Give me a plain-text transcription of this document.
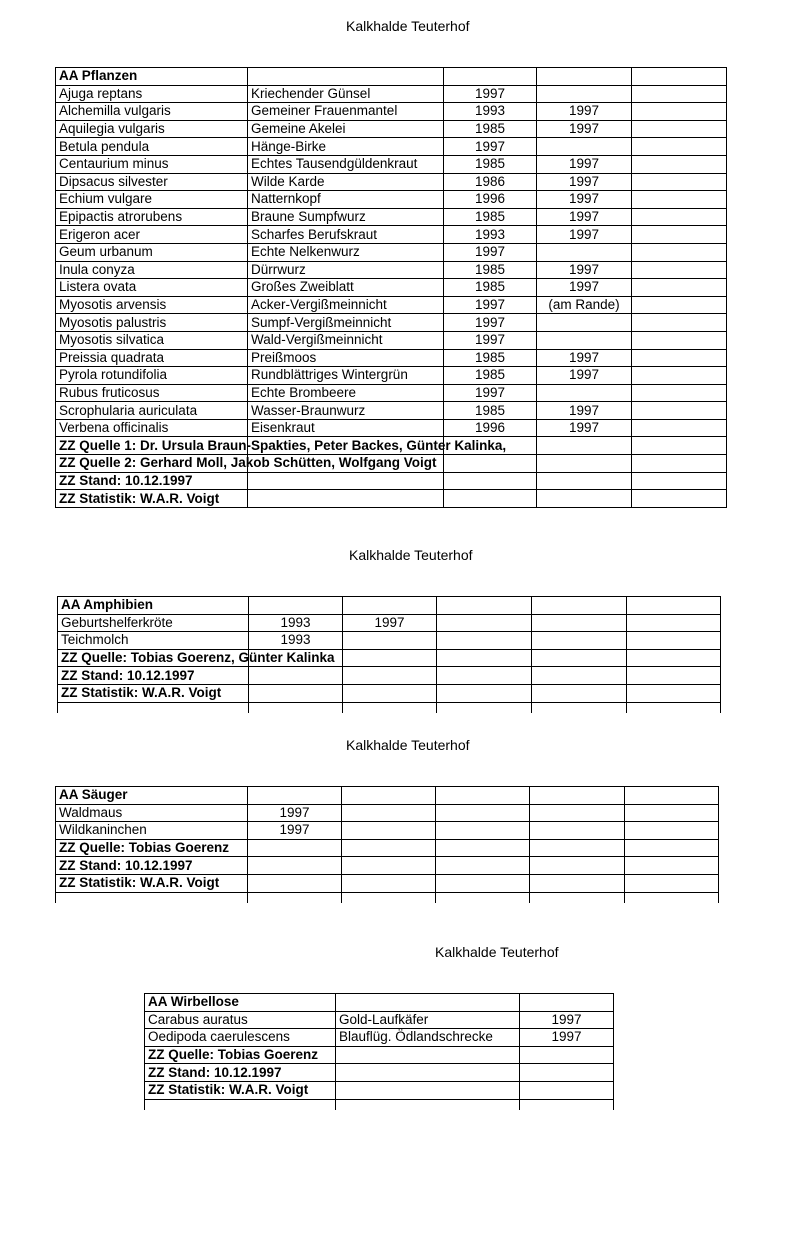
Kalkhalde Teuterhof
AA Pflanzen				
Ajuga reptans	Kriechender Günsel	1997		
Alchemilla vulgaris	Gemeiner Frauenmantel	1993	1997	
Aquilegia vulgaris	Gemeine Akelei	1985	1997	
Betula pendula	Hänge-Birke	1997		
Centaurium minus	Echtes Tausendgüldenkraut	1985	1997	
Dipsacus silvester	Wilde Karde	1986	1997	
Echium vulgare	Natternkopf	1996	1997	
Epipactis atrorubens	Braune Sumpfwurz	1985	1997	
Erigeron acer	Scharfes Berufskraut	1993	1997	
Geum urbanum	Echte Nelkenwurz	1997		
Inula conyza	Dürrwurz	1985	1997	
Listera ovata	Großes Zweiblatt	1985	1997	
Myosotis arvensis	Acker-Vergißmeinnicht	1997	(am Rande)	
Myosotis palustris	Sumpf-Vergißmeinnicht	1997		
Myosotis silvatica	Wald-Vergißmeinnicht	1997		
Preissia quadrata	Preißmoos	1985	1997	
Pyrola rotundifolia	Rundblättriges Wintergrün	1985	1997	
Rubus fruticosus	Echte Brombeere	1997		
Scrophularia auriculata	Wasser-Braunwurz	1985	1997	
Verbena officinalis	Eisenkraut	1996	1997	
ZZ Quelle 1: Dr. Ursula Braun-Spakties, Peter Backes, Günter Kalinka,				
ZZ Quelle 2: Gerhard Moll, Jakob Schütten, Wolfgang Voigt				
ZZ Stand: 10.12.1997				
ZZ Statistik: W.A.R. Voigt				
Kalkhalde Teuterhof
AA Amphibien					
Geburtshelferkröte	1993	1997			
Teichmolch	1993				
ZZ Quelle: Tobias Goerenz, Günter Kalinka					
ZZ Stand: 10.12.1997					
ZZ Statistik: W.A.R. Voigt					

Kalkhalde Teuterhof
AA Säuger					
Waldmaus	1997				
Wildkaninchen	1997				
ZZ Quelle: Tobias Goerenz					
ZZ Stand: 10.12.1997					
ZZ Statistik: W.A.R. Voigt					

Kalkhalde Teuterhof
AA Wirbellose		
Carabus auratus	Gold-Laufkäfer	1997
Oedipoda caerulescens	Blauflüg. Ödlandschrecke	1997
ZZ Quelle: Tobias Goerenz		
ZZ Stand: 10.12.1997		
ZZ Statistik: W.A.R. Voigt		
